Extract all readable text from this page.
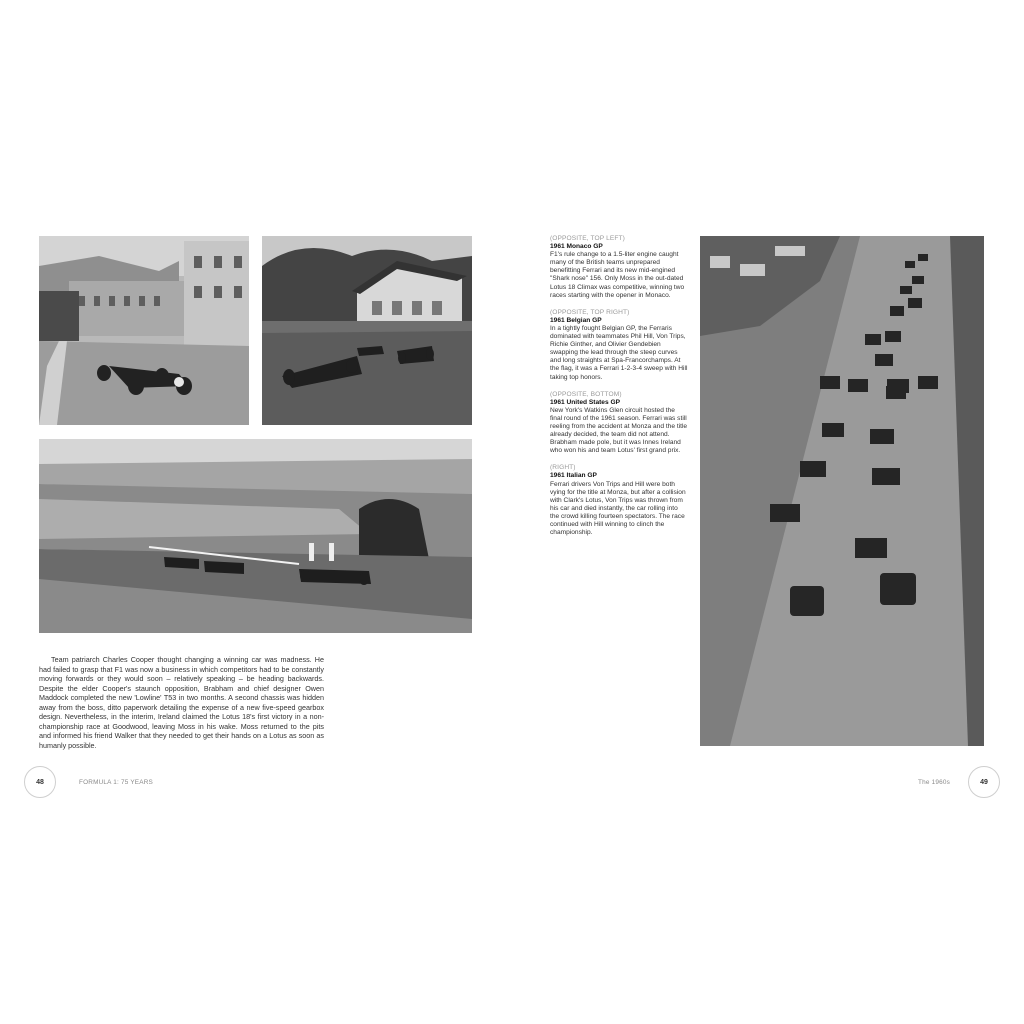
Team patriarch Charles Cooper thought changing a winning car was madness. He had failed to grasp that F1 was now a business in which competitors had to be constantly moving forwards or they would soon – relatively speaking – be heading backwards. Despite the elder Cooper's staunch opposition, Brabham and chief designer Owen Maddock completed the new 'Lowline' T53 in two months. A second chassis was hidden away from the boss, ditto paperwork detailing the expense of a new five-speed gearbox design. Nevertheless, in the interim, Ireland claimed the Lotus 18's first victory in a non-championship race at Goodwood, leaving Moss in his wake. Moss returned to the pits and informed his friend Walker that they needed to get their hands on a Lotus as soon as humanly possible.

(OPPOSITE, TOP LEFT)
1961 Monaco GP
F1's rule change to a 1.5-liter engine caught many of the British teams unprepared benefitting Ferrari and its new mid-engined "Shark nose" 156. Only Moss in the out-dated Lotus 18 Climax was competitive, winning two races starting with the opener in Monaco.

(OPPOSITE, TOP RIGHT)
1961 Belgian GP
In a tightly fought Belgian GP, the Ferraris dominated with teammates Phil Hill, Von Trips, Richie Ginther, and Olivier Gendebien swapping the lead through the steep curves and long straights at Spa-Francorchamps. At the flag, it was a Ferrari 1-2-3-4 sweep with Hill taking top honors.

(OPPOSITE, BOTTOM)
1961 United States GP
New York's Watkins Glen circuit hosted the final round of the 1961 season. Ferrari was still reeling from the accident at Monza and the title already decided, the team did not attend. Brabham made pole, but it was Innes Ireland who won his and team Lotus' first grand prix.

(RIGHT)
1961 Italian GP
Ferrari drivers Von Trips and Hill were both vying for the title at Monza, but after a collision with Clark's Lotus, Von Trips was thrown from his car and died instantly, the car rolling into the crowd killing fourteen spectators. The race continued with Hill winning to clinch the championship.

48	FORMULA 1: 75 YEARS	The 1960s	49
